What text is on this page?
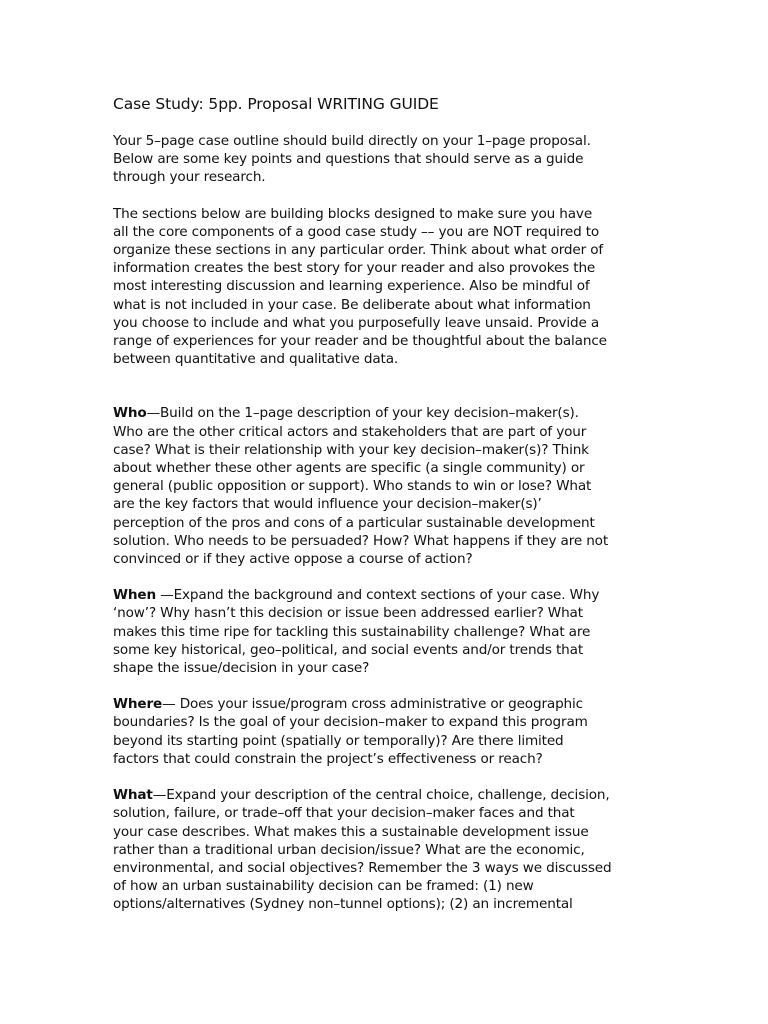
Case Study: 5pp. Proposal WRITING GUIDE

Your 5–page case outline should build directly on your 1–page proposal.
Below are some key points and questions that should serve as a guide
through your research.

The sections below are building blocks designed to make sure you have
all the core components of a good case study –– you are NOT required to
organize these sections in any particular order. Think about what order of
information creates the best story for your reader and also provokes the
most interesting discussion and learning experience. Also be mindful of
what is not included in your case. Be deliberate about what information
you choose to include and what you purposefully leave unsaid. Provide a
range of experiences for your reader and be thoughtful about the balance
between quantitative and qualitative data.

Who—Build on the 1–page description of your key decision–maker(s).
Who are the other critical actors and stakeholders that are part of your
case? What is their relationship with your key decision–maker(s)? Think
about whether these other agents are specific (a single community) or
general (public opposition or support). Who stands to win or lose? What
are the key factors that would influence your decision–maker(s)’
perception of the pros and cons of a particular sustainable development
solution. Who needs to be persuaded? How? What happens if they are not
convinced or if they active oppose a course of action?

When —Expand the background and context sections of your case. Why
‘now’? Why hasn’t this decision or issue been addressed earlier? What
makes this time ripe for tackling this sustainability challenge? What are
some key historical, geo–political, and social events and/or trends that
shape the issue/decision in your case?

Where— Does your issue/program cross administrative or geographic
boundaries? Is the goal of your decision–maker to expand this program
beyond its starting point (spatially or temporally)? Are there limited
factors that could constrain the project’s effectiveness or reach?

What—Expand your description of the central choice, challenge, decision,
solution, failure, or trade–off that your decision–maker faces and that
your case describes. What makes this a sustainable development issue
rather than a traditional urban decision/issue? What are the economic,
environmental, and social objectives? Remember the 3 ways we discussed
of how an urban sustainability decision can be framed: (1) new
options/alternatives (Sydney non–tunnel options); (2) an incremental
